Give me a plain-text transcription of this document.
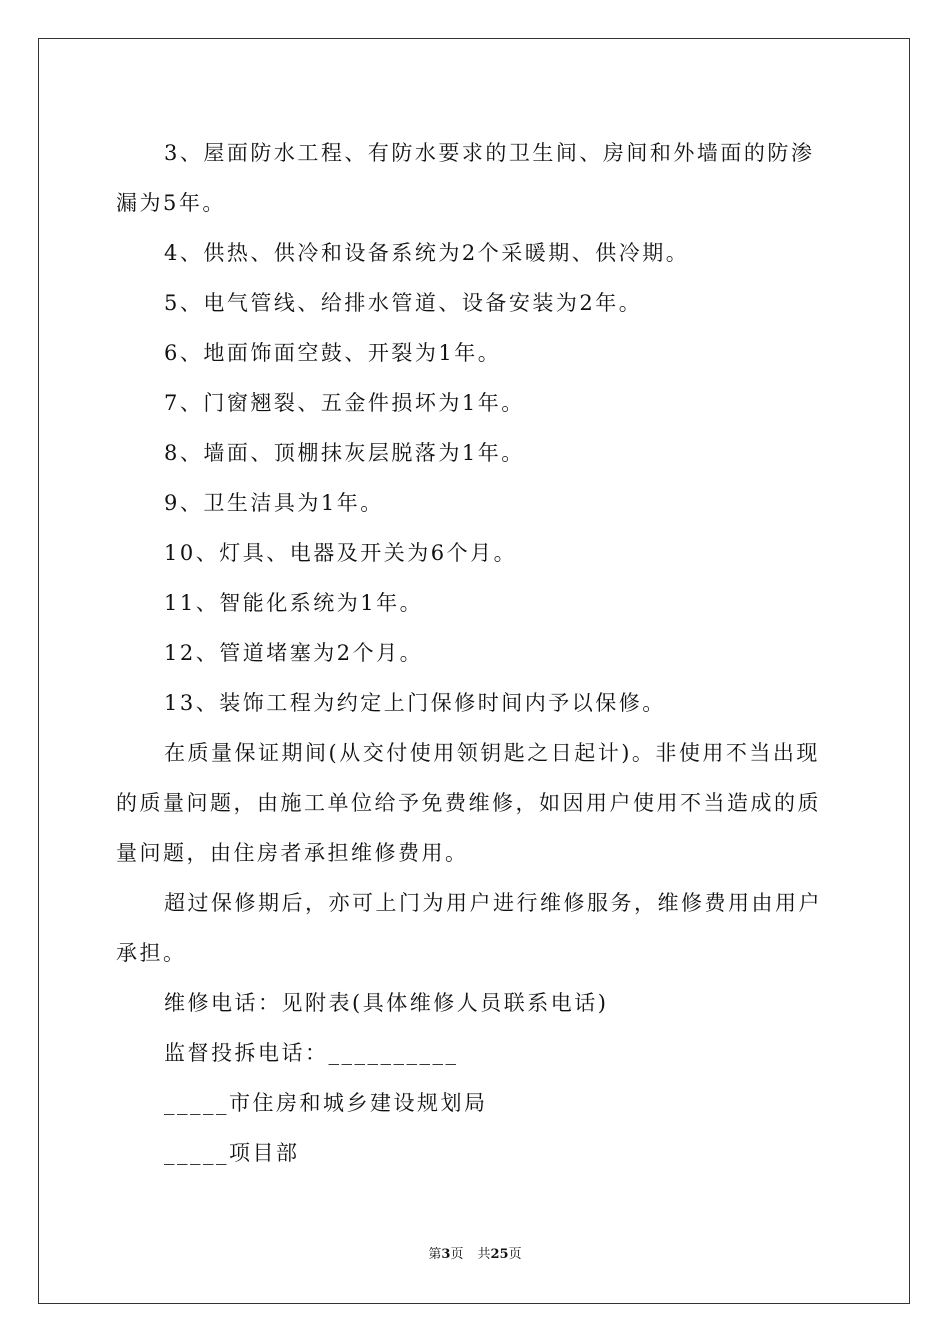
3、屋面防水工程、有防水要求的卫生间、房间和外墙面的防渗
漏为5年。
4、供热、供冷和设备系统为2个采暖期、供冷期。
5、电气管线、给排水管道、设备安装为2年。
6、地面饰面空鼓、开裂为1年。
7、门窗翘裂、五金件损坏为1年。
8、墙面、顶棚抹灰层脱落为1年。
9、卫生洁具为1年。
10、灯具、电器及开关为6个月。
11、智能化系统为1年。
12、管道堵塞为2个月。
13、装饰工程为约定上门保修时间内予以保修。
在质量保证期间(从交付使用领钥匙之日起计)。非使用不当出现
的质量问题，由施工单位给予免费维修，如因用户使用不当造成的质
量问题，由住房者承担维修费用。
超过保修期后，亦可上门为用户进行维修服务，维修费用由用户
承担。
维修电话：见附表(具体维修人员联系电话)
监督投拆电话：__________
_____市住房和城乡建设规划局
_____项目部
第3页 共25页
